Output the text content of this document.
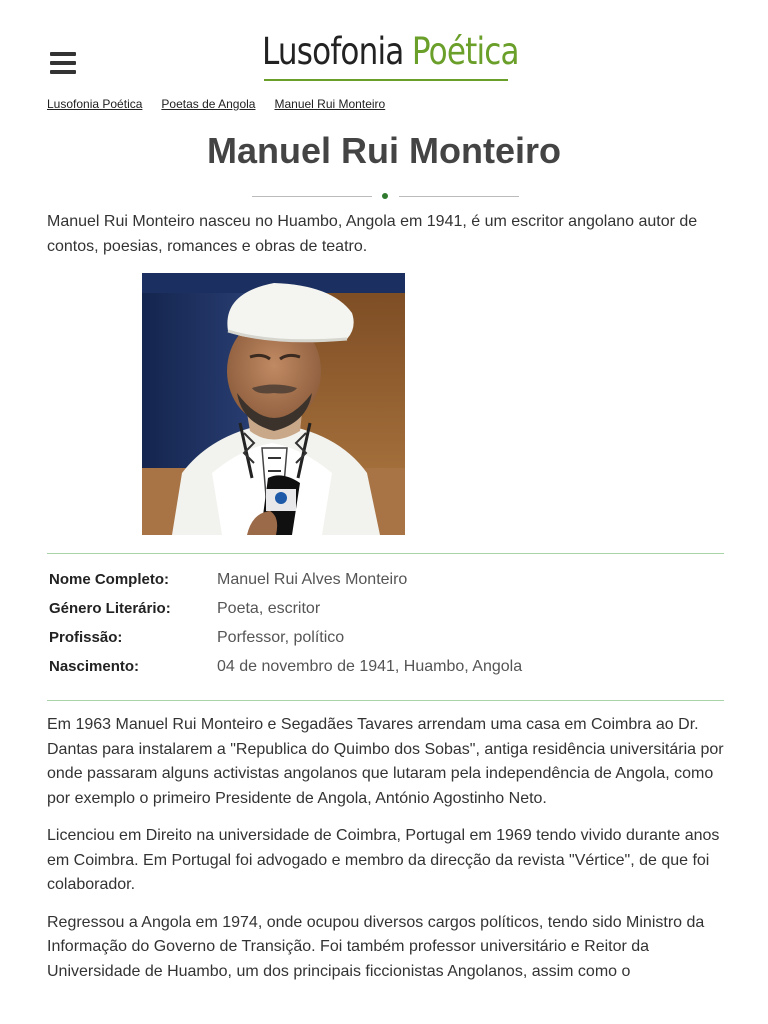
Lusofonia Poética
Lusofonia Poética Poetas de Angola Manuel Rui Monteiro
Manuel Rui Monteiro

Manuel Rui Monteiro nasceu no Huambo, Angola em 1941, é um escritor angolano autor de contos, poesias, romances e obras de teatro.

Nome Completo:	Manuel Rui Alves Monteiro
Género Literário:	Poeta, escritor
Profissão:	Porfessor, político
Nascimento:	04 de novembro de 1941, Huambo, Angola

Em 1963 Manuel Rui Monteiro e Segadães Tavares arrendam uma casa em Coimbra ao Dr. Dantas para instalarem a "Republica do Quimbo dos Sobas", antiga residência universitária por onde passaram alguns activistas angolanos que lutaram pela independência de Angola, como por exemplo o primeiro Presidente de Angola, António Agostinho Neto.

Licenciou em Direito na universidade de Coimbra, Portugal em 1969 tendo vivido durante anos em Coimbra. Em Portugal foi advogado e membro da direcção da revista "Vértice", de que foi colaborador.

Regressou a Angola em 1974, onde ocupou diversos cargos políticos, tendo sido Ministro da Informação do Governo de Transição. Foi também professor universitário e Reitor da Universidade de Huambo, um dos principais ficcionistas Angolanos, assim como o
